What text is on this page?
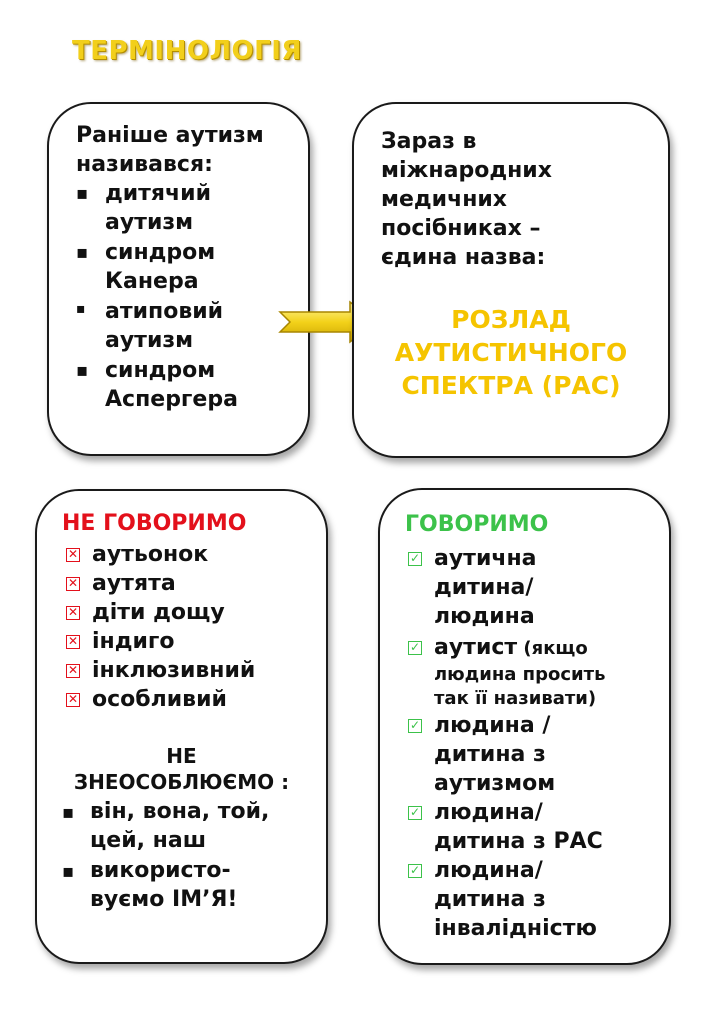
ТЕРМІНОЛОГІЯ
Раніше аутизм
називався:
▪ дитячий
аутизм
▪ синдром
Канера
▪ атиповий
аутизм
▪ синдром
Аспергера
Зараз в
міжнародних
медичних
посібниках –
єдина назва:
РОЗЛАД
АУТИСТИЧНОГО
СПЕКТРА (РАС)
НЕ ГОВОРИМО
✕ аутьонок
✕ аутята
✕ діти дощу
✕ індиго
✕ інклюзивний
✕ особливий
НЕ
ЗНЕОСОБЛЮЄМО :
▪ він, вона, той,
цей, наш
▪ використо-
вуємо ІМ’Я!
ГОВОРИМО
✓ аутична
дитина/
людина
✓ аутист (якщо
людина просить
так її називати)
✓ людина /
дитина з
аутизмом
✓ людина/
дитина з РАС
✓ людина/
дитина з
інвалідністю
